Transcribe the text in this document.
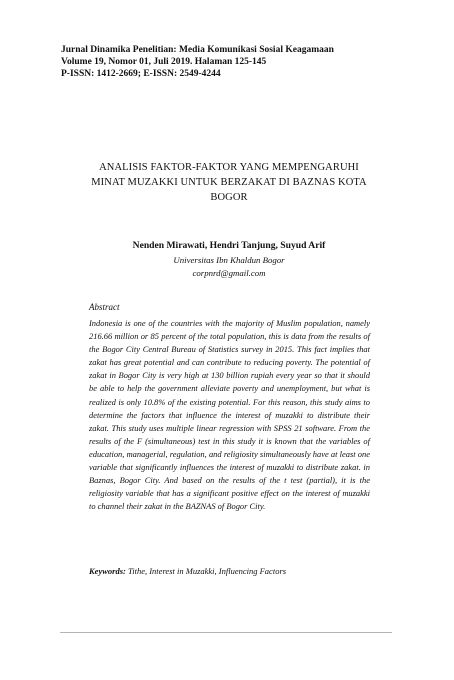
Jurnal Dinamika Penelitian: Media Komunikasi Sosial Keagamaan
Volume 19, Nomor 01, Juli 2019. Halaman 125-145
P-ISSN: 1412-2669; E-ISSN: 2549-4244
ANALISIS FAKTOR-FAKTOR YANG MEMPENGARUHI
MINAT MUZAKKI UNTUK BERZAKAT DI BAZNAS KOTA
BOGOR
Nenden Mirawati, Hendri Tanjung, Suyud Arif
Universitas Ibn Khaldun Bogor
corpnrd@gmail.com
Abstract
Indonesia is one of the countries with the majority of Muslim population, namely 216.66 million or 85 percent of the total population, this is data from the results of the Bogor City Central Bureau of Statistics survey in 2015. This fact implies that zakat has great potential and can contribute to reducing poverty. The potential of zakat in Bogor City is very high at 130 billion rupiah every year so that it should be able to help the government alleviate poverty and unemployment, but what is realized is only 10.8% of the existing potential. For this reason, this study aims to determine the factors that influence the interest of muzakki to distribute their zakat. This study uses multiple linear regression with SPSS 21 software. From the results of the F (simultaneous) test in this study it is known that the variables of education, managerial, regulation, and religiosity simultaneously have at least one variable that significantly influences the interest of muzakki to distribute zakat. in Baznas, Bogor City. And based on the results of the t test (partial), it is the religiosity variable that has a significant positive effect on the interest of muzakki to channel their zakat in the BAZNAS of Bogor City.
Keywords: Tithe, Interest in Muzakki, Influencing Factors
